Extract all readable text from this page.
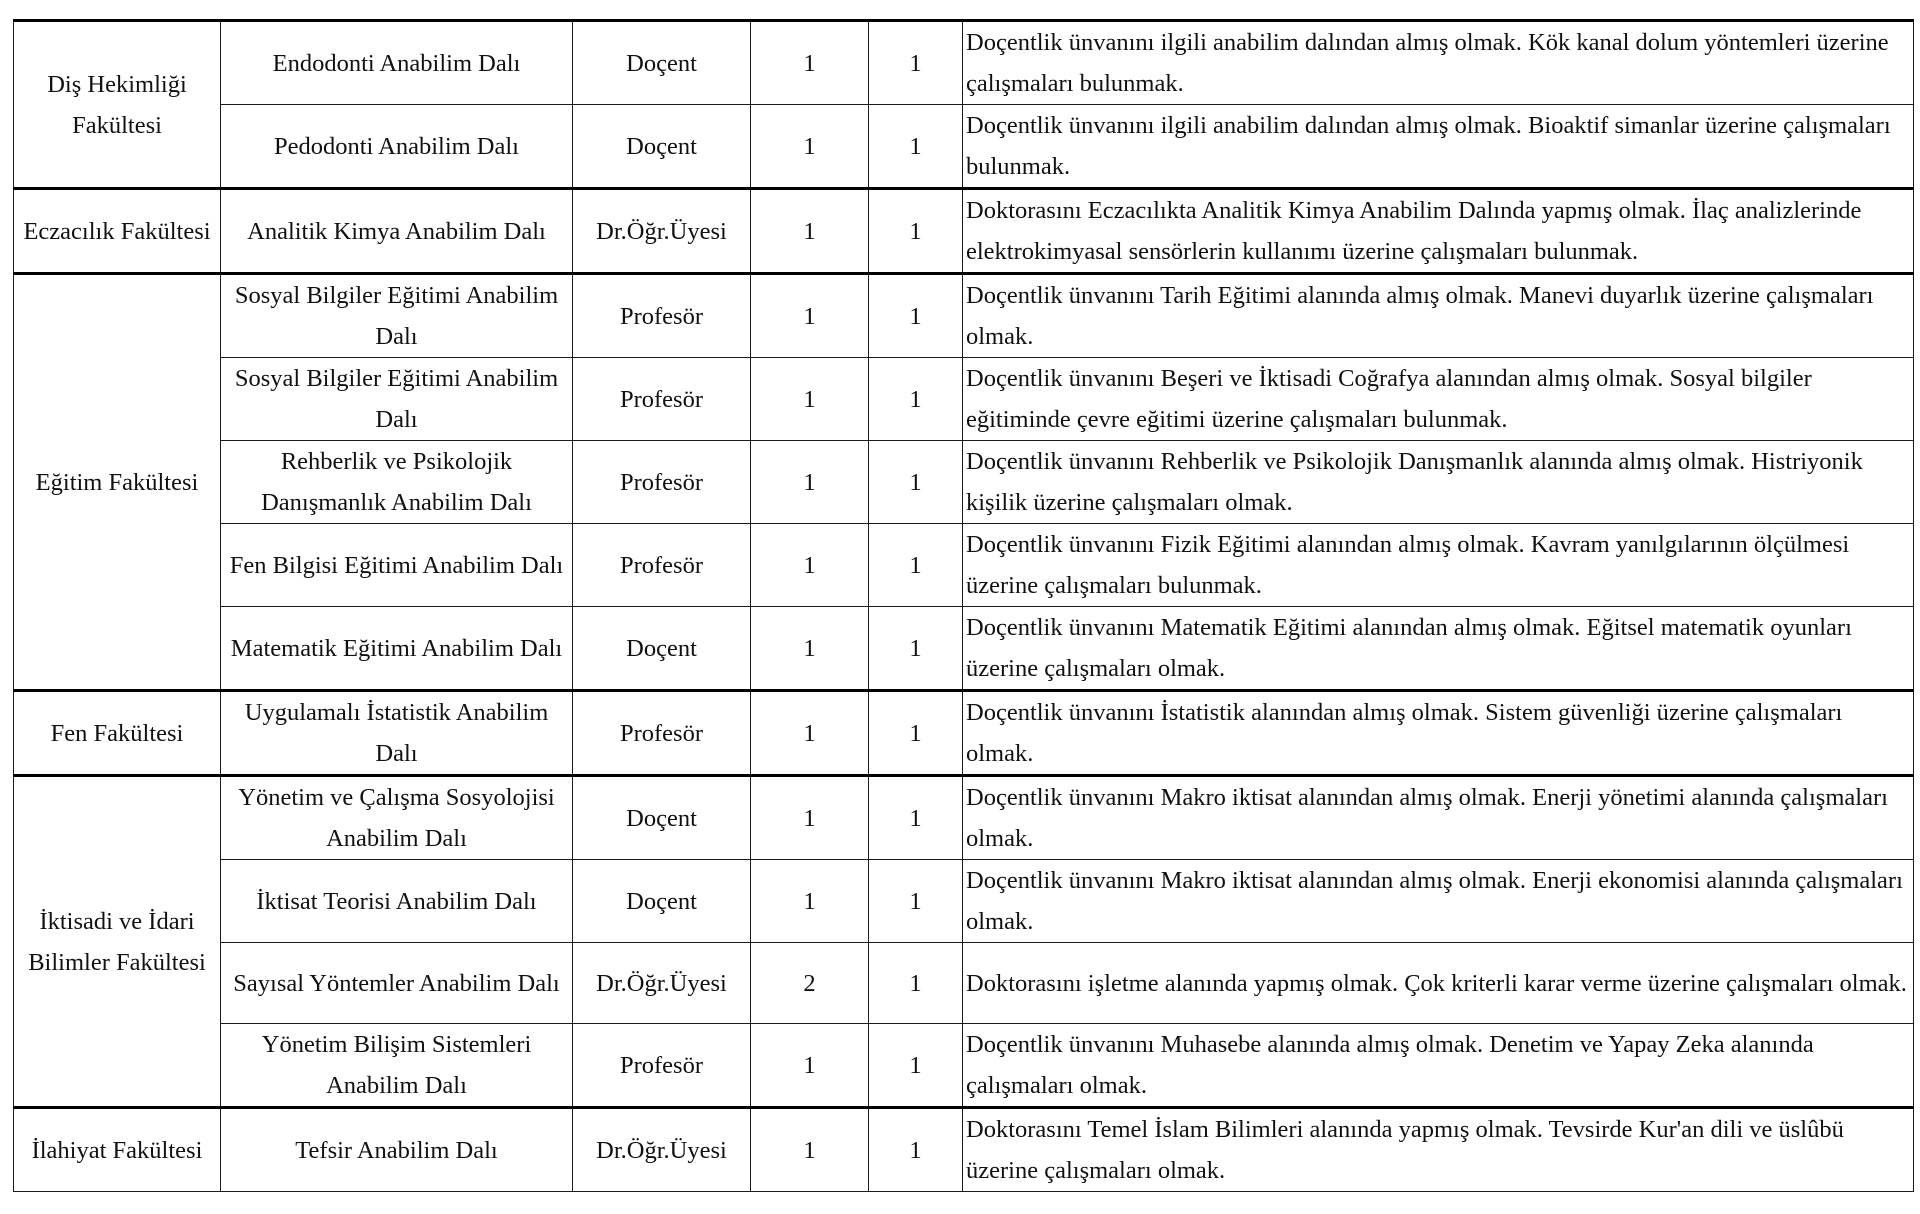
Diş Hekimliği Fakültesi	Endodonti Anabilim Dalı	Doçent	1	1	Doçentlik ünvanını ilgili anabilim dalından almış olmak. Kök kanal dolum yöntemleri üzerine çalışmaları bulunmak.
	Pedodonti Anabilim Dalı	Doçent	1	1	Doçentlik ünvanını ilgili anabilim dalından almış olmak. Bioaktif simanlar üzerine çalışmaları bulunmak.
Eczacılık Fakültesi	Analitik Kimya Anabilim Dalı	Dr.Öğr.Üyesi	1	1	Doktorasını Eczacılıkta Analitik Kimya Anabilim Dalında yapmış olmak. İlaç analizlerinde elektrokimyasal sensörlerin kullanımı üzerine çalışmaları bulunmak.
Eğitim Fakültesi	Sosyal Bilgiler Eğitimi Anabilim Dalı	Profesör	1	1	Doçentlik ünvanını Tarih Eğitimi alanında almış olmak. Manevi duyarlık üzerine çalışmaları olmak.
	Sosyal Bilgiler Eğitimi Anabilim Dalı	Profesör	1	1	Doçentlik ünvanını Beşeri ve İktisadi Coğrafya alanından almış olmak. Sosyal bilgiler eğitiminde çevre eğitimi üzerine çalışmaları bulunmak.
	Rehberlik ve Psikolojik Danışmanlık Anabilim Dalı	Profesör	1	1	Doçentlik ünvanını Rehberlik ve Psikolojik Danışmanlık alanında almış olmak. Histriyonik kişilik üzerine çalışmaları olmak.
	Fen Bilgisi Eğitimi Anabilim Dalı	Profesör	1	1	Doçentlik ünvanını Fizik Eğitimi alanından almış olmak. Kavram yanılgılarının ölçülmesi üzerine çalışmaları bulunmak.
	Matematik Eğitimi Anabilim Dalı	Doçent	1	1	Doçentlik ünvanını Matematik Eğitimi alanından almış olmak. Eğitsel matematik oyunları üzerine çalışmaları olmak.
Fen Fakültesi	Uygulamalı İstatistik Anabilim Dalı	Profesör	1	1	Doçentlik ünvanını İstatistik alanından almış olmak. Sistem güvenliği üzerine çalışmaları olmak.
İktisadi ve İdari Bilimler Fakültesi	Yönetim ve Çalışma Sosyolojisi Anabilim Dalı	Doçent	1	1	Doçentlik ünvanını Makro iktisat alanından almış olmak. Enerji yönetimi alanında çalışmaları olmak.
	İktisat Teorisi Anabilim Dalı	Doçent	1	1	Doçentlik ünvanını Makro iktisat alanından almış olmak. Enerji ekonomisi alanında çalışmaları olmak.
	Sayısal Yöntemler Anabilim Dalı	Dr.Öğr.Üyesi	2	1	Doktorasını işletme alanında yapmış olmak. Çok kriterli karar verme üzerine çalışmaları olmak.
	Yönetim Bilişim Sistemleri Anabilim Dalı	Profesör	1	1	Doçentlik ünvanını Muhasebe alanında almış olmak. Denetim ve Yapay Zeka alanında çalışmaları olmak.
İlahiyat Fakültesi	Tefsir Anabilim Dalı	Dr.Öğr.Üyesi	1	1	Doktorasını Temel İslam Bilimleri alanında yapmış olmak. Tevsirde Kur'an dili ve üslûbü üzerine çalışmaları olmak.
